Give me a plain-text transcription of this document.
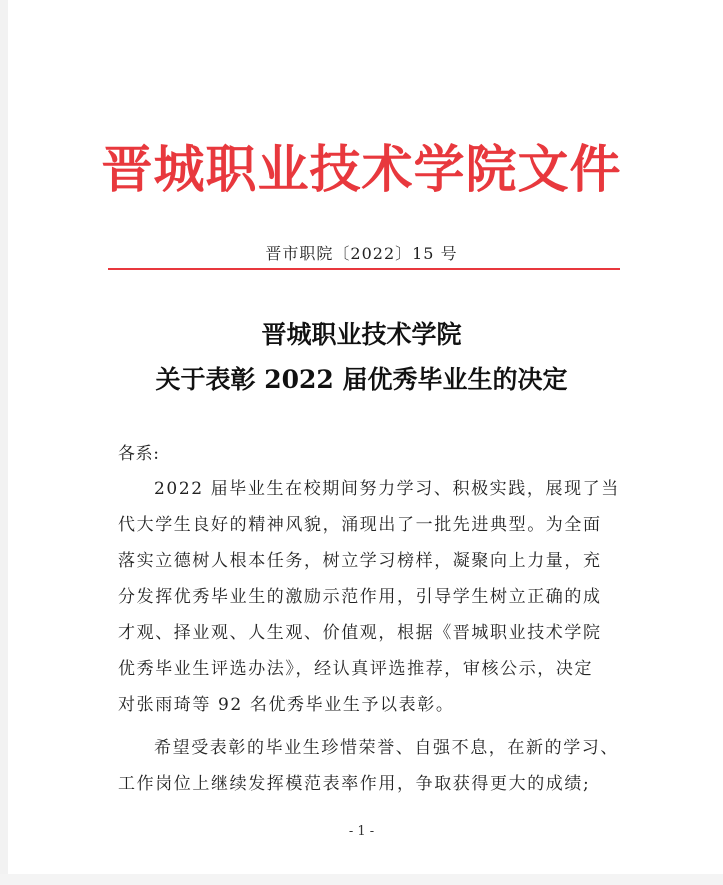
晋城职业技术学院文件
晋市职院〔2022〕15 号
晋城职业技术学院
关于表彰 2022 届优秀毕业生的决定
各系:
2022 届毕业生在校期间努力学习、积极实践，展现了当
代大学生良好的精神风貌，涌现出了一批先进典型。为全面
落实立德树人根本任务，树立学习榜样，凝聚向上力量，充
分发挥优秀毕业生的激励示范作用，引导学生树立正确的成
才观、择业观、人生观、价值观，根据《晋城职业技术学院
优秀毕业生评选办法》，经认真评选推荐，审核公示，决定
对张雨琦等 92 名优秀毕业生予以表彰。
希望受表彰的毕业生珍惜荣誉、自强不息，在新的学习、
工作岗位上继续发挥模范表率作用，争取获得更大的成绩;
- 1 -
